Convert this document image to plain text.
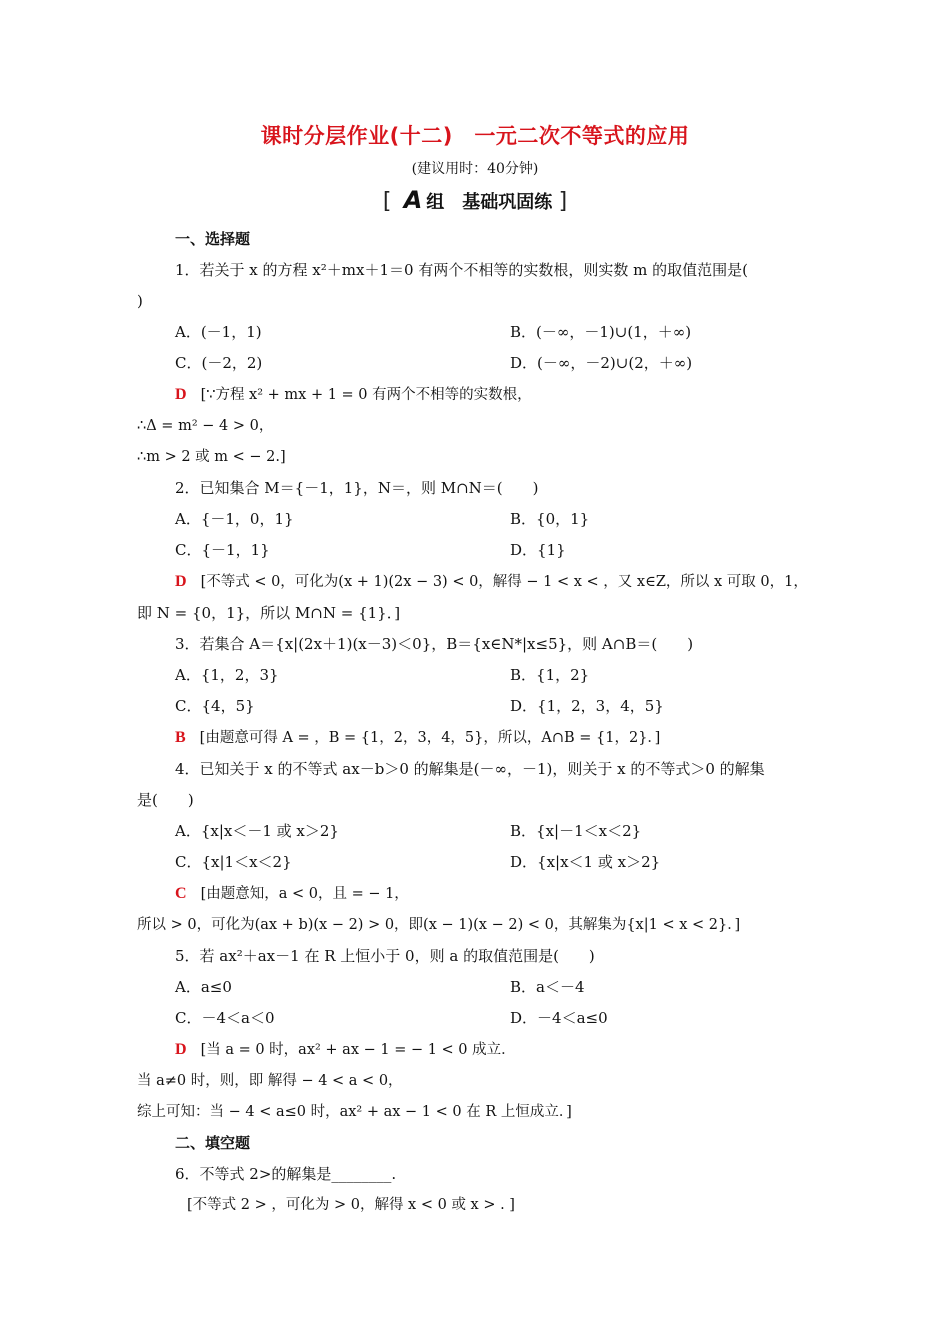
课时分层作业(十二)　一元二次不等式的应用
(建议用时：40分钟)
[ A 组　基础巩固练 ]
一、选择题
1．若关于 x 的方程 x²＋mx＋1＝0 有两个不相等的实数根，则实数 m 的取值范围是(
)
A．(－1，1)	B．(－∞，－1)∪(1，＋∞)
C．(－2，2)	D．(－∞，－2)∪(2，＋∞)
D [∵方程 x² + mx + 1 = 0 有两个不相等的实数根，
∴Δ = m² − 4 > 0，
∴m > 2 或 m < − 2.]
2．已知集合 M＝{－1，1}，N＝，则 M∩N＝(　　)
A．{－1，0，1}	B．{0，1}
C．{－1，1}	D．{1}
D [不等式 < 0，可化为(x + 1)(2x − 3) < 0，解得 − 1 < x < ，又 x∈Z，所以 x 可取 0，1，
即 N = {0，1}，所以 M∩N = {1}．]
3．若集合 A＝{x|(2x＋1)(x－3)＜0}，B＝{x∈N*|x≤5}，则 A∩B＝(　　)
A．{1，2，3}	B．{1，2}
C．{4，5}	D．{1，2，3，4，5}
B [由题意可得 A = ，B = {1，2，3，4，5}，所以，A∩B = {1，2}．]
4．已知关于 x 的不等式 ax－b＞0 的解集是(－∞，－1)，则关于 x 的不等式＞0 的解集
是(　　)
A．{x|x＜－1 或 x＞2}	B．{x|－1＜x＜2}
C．{x|1＜x＜2}	D．{x|x＜1 或 x＞2}
C [由题意知，a < 0，且 = − 1，
所以 > 0，可化为(ax + b)(x − 2) > 0，即(x − 1)(x − 2) < 0，其解集为{x|1 < x < 2}．]
5．若 ax²＋ax－1 在 R 上恒小于 0，则 a 的取值范围是(　　)
A．a≤0	B．a＜－4
C．－4＜a＜0	D．－4＜a≤0
D [当 a = 0 时，ax² + ax − 1 = − 1 < 0 成立．
当 a≠0 时，则，即 解得 − 4 < a < 0，
综上可知：当 − 4 < a≤0 时，ax² + ax − 1 < 0 在 R 上恒成立．]
二、填空题
6．不等式 2>的解集是________.
[不等式 2 > ，可化为 > 0，解得 x < 0 或 x > . ]
